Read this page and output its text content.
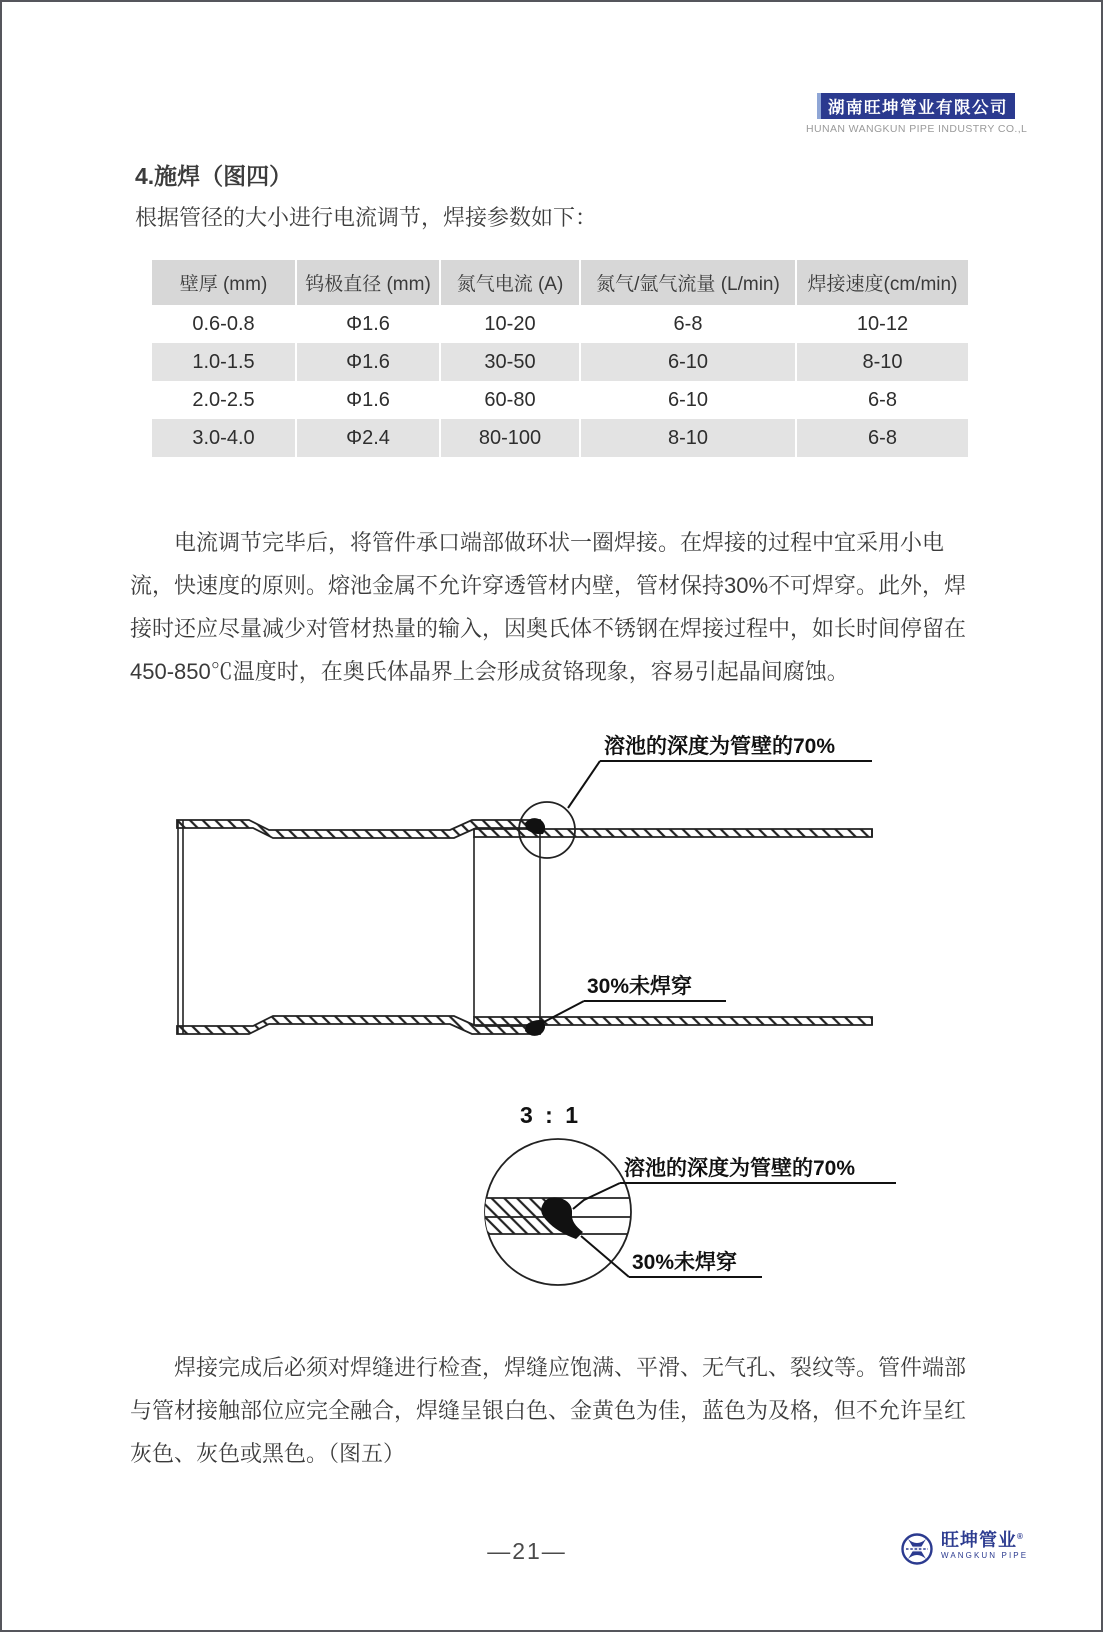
湖南旺坤管业有限公司
HUNAN WANGKUN PIPE INDUSTRY CO.,L
4.施焊（图四）
根据管径的大小进行电流调节，焊接参数如下：
壁厚 (mm)	钨极直径 (mm)	氮气电流 (A)	氮气/氩气流量 (L/min)	焊接速度(cm/min)
0.6-0.8	Φ1.6	10-20	6-8	10-12
1.0-1.5	Φ1.6	30-50	6-10	8-10
2.0-2.5	Φ1.6	60-80	6-10	6-8
3.0-4.0	Φ2.4	80-100	8-10	6-8
电流调节完毕后，将管件承口端部做环状一圈焊接。在焊接的过程中宜采用小电
流，快速度的原则。熔池金属不允许穿透管材内壁，管材保持30%不可焊穿。此外，焊
接时还应尽量减少对管材热量的输入，因奥氏体不锈钢在焊接过程中，如长时间停留在
450-850℃温度时，在奥氏体晶界上会形成贫铬现象，容易引起晶间腐蚀。
溶池的深度为管壁的70%
30%未焊穿
3 : 1
溶池的深度为管壁的70%
30%未焊穿
焊接完成后必须对焊缝进行检查，焊缝应饱满、平滑、无气孔、裂纹等。管件端部
与管材接触部位应完全融合，焊缝呈银白色、金黄色为佳，蓝色为及格，但不允许呈红
灰色、灰色或黑色。（图五）
—21—	旺坤管业®
WANGKUN PIPE
